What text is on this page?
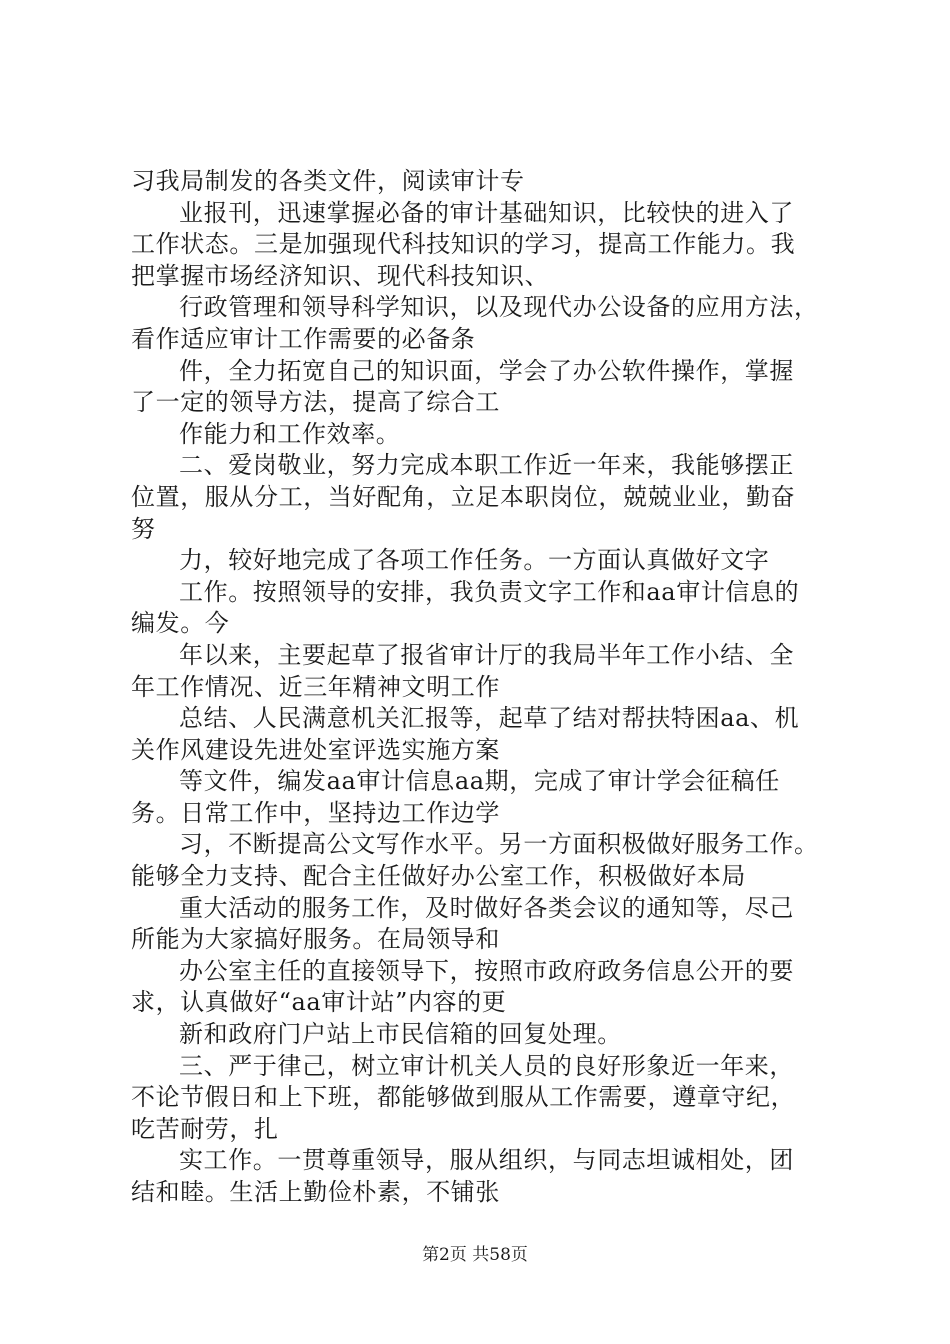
习我局制发的各类文件，阅读审计专
业报刊，迅速掌握必备的审计基础知识，比较快的进入了
工作状态。三是加强现代科技知识的学习，提高工作能力。我
把掌握市场经济知识、现代科技知识、
行政管理和领导科学知识，以及现代办公设备的应用方法，
看作适应审计工作需要的必备条
件，全力拓宽自己的知识面，学会了办公软件操作，掌握
了一定的领导方法，提高了综合工
作能力和工作效率。
二、爱岗敬业，努力完成本职工作近一年来，我能够摆正
位置，服从分工，当好配角，立足本职岗位，兢兢业业，勤奋
努
力，较好地完成了各项工作任务。一方面认真做好文字
工作。按照领导的安排，我负责文字工作和aa审计信息的
编发。今
年以来，主要起草了报省审计厅的我局半年工作小结、全
年工作情况、近三年精神文明工作
总结、人民满意机关汇报等，起草了结对帮扶特困aa、机
关作风建设先进处室评选实施方案
等文件，编发aa审计信息aa期，完成了审计学会征稿任
务。日常工作中，坚持边工作边学
习，不断提高公文写作水平。另一方面积极做好服务工作。
能够全力支持、配合主任做好办公室工作，积极做好本局
重大活动的服务工作，及时做好各类会议的通知等，尽己
所能为大家搞好服务。在局领导和
办公室主任的直接领导下，按照市政府政务信息公开的要
求，认真做好“aa审计站”内容的更
新和政府门户站上市民信箱的回复处理。
三、严于律己，树立审计机关人员的良好形象近一年来，
不论节假日和上下班，都能够做到服从工作需要，遵章守纪，
吃苦耐劳，扎
实工作。一贯尊重领导，服从组织，与同志坦诚相处，团
结和睦。生活上勤俭朴素，不铺张
第2页 共58页
